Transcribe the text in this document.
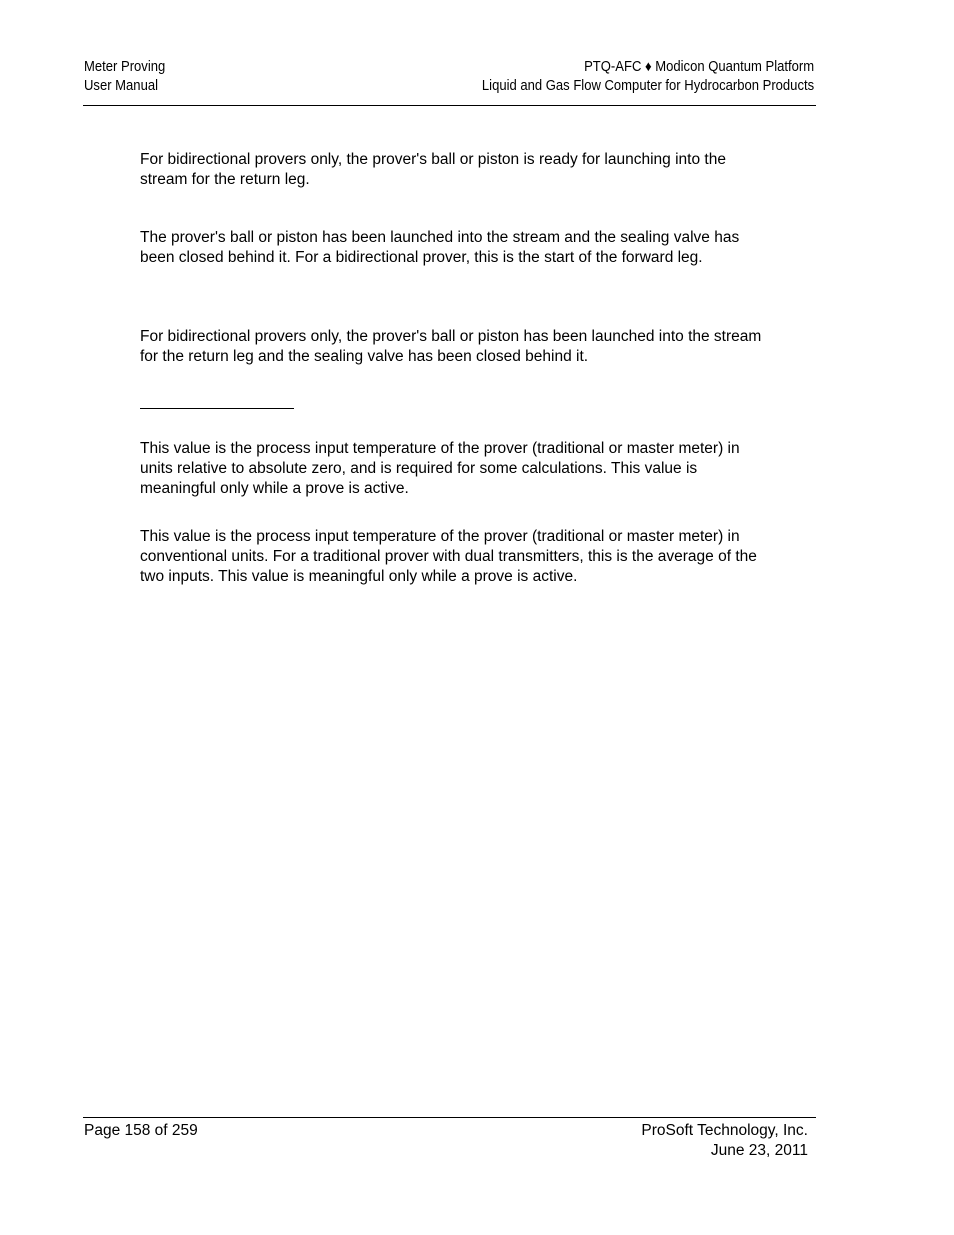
Meter Proving
User Manual
PTQ-AFC ♦ Modicon Quantum Platform
Liquid and Gas Flow Computer for Hydrocarbon Products

For bidirectional provers only, the prover's ball or piston is ready for launching into the stream for the return leg.

The prover's ball or piston has been launched into the stream and the sealing valve has been closed behind it. For a bidirectional prover, this is the start of the forward leg.

For bidirectional provers only, the prover's ball or piston has been launched into the stream for the return leg and the sealing valve has been closed behind it.

This value is the process input temperature of the prover (traditional or master meter) in units relative to absolute zero, and is required for some calculations. This value is meaningful only while a prove is active.

This value is the process input temperature of the prover (traditional or master meter) in conventional units. For a traditional prover with dual transmitters, this is the average of the two inputs. This value is meaningful only while a prove is active.

Page 158 of 259	ProSoft Technology, Inc.
June 23, 2011
